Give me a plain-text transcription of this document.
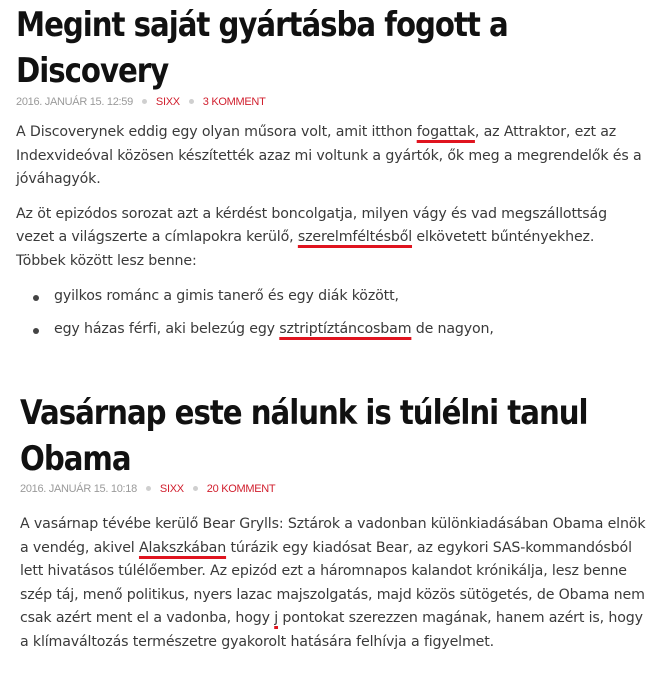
Megint saját gyártásba fogott a Discovery
2016. JANUÁR 15. 12:59 SIXX 3 KOMMENT

A Discoverynek eddig egy olyan műsora volt, amit itthon fogattak, az Attraktor, ezt az Indexvideóval közösen készítették azaz mi voltunk a gyártók, ők meg a megrendelők és a jóváhagyók.

Az öt epizódos sorozat azt a kérdést boncolgatja, milyen vágy és vad megszállottság vezet a világszerte a címlapokra kerülő, szerelmféltésből elkövetett bűntényekhez. Többek között lesz benne:

gyilkos románc a gimis tanerő és egy diák között,
egy házas férfi, aki belezúg egy sztriptíztáncosbam de nagyon,
Vasárnap este nálunk is túlélni tanul Obama
2016. JANUÁR 15. 10:18 SIXX 20 KOMMENT

A vasárnap tévébe kerülő Bear Grylls: Sztárok a vadonban különkiadásában Obama elnök a vendég, akivel Alakszkában túrázik egy kiadósat Bear, az egykori SAS-kommandósból lett hivatásos túlélőember. Az epizód ezt a háromnapos kalandot krónikálja, lesz benne szép táj, menő politikus, nyers lazac majszolgatás, majd közös sütögetés, de Obama nem csak azért ment el a vadonba, hogy j pontokat szerezzen magának, hanem azért is, hogy a klímaváltozás természetre gyakorolt hatására felhívja a figyelmet.
